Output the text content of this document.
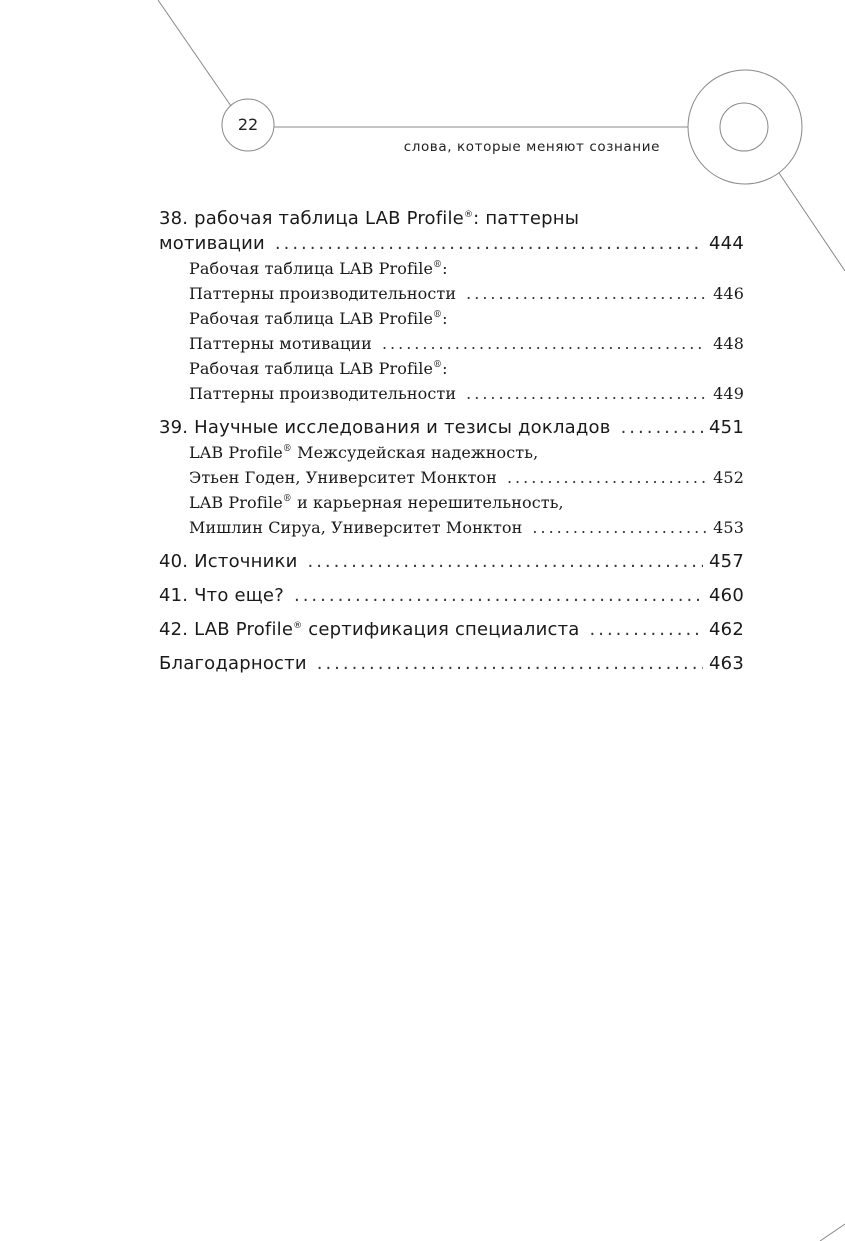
22
слова, которые меняют сознание
38. рабочая таблица LAB Profile®: паттерны
мотивации .....	444
Рабочая таблица LAB Profile®:
Паттерны производительности .....	446
Рабочая таблица LAB Profile®:
Паттерны мотивации .....	448
Рабочая таблица LAB Profile®:
Паттерны производительности .....	449
39. Научные исследования и тезисы докладов .....	451
LAB Profile® Межсудейская надежность,
Этьен Годен, Университет Монктон .....	452
LAB Profile® и карьерная нерешительность,
Мишлин Сируа, Университет Монктон .....	453
40. Источники .....	457
41. Что еще? .....	460
42. LAB Profile® сертификация специалиста .....	462
Благодарности .....	463
